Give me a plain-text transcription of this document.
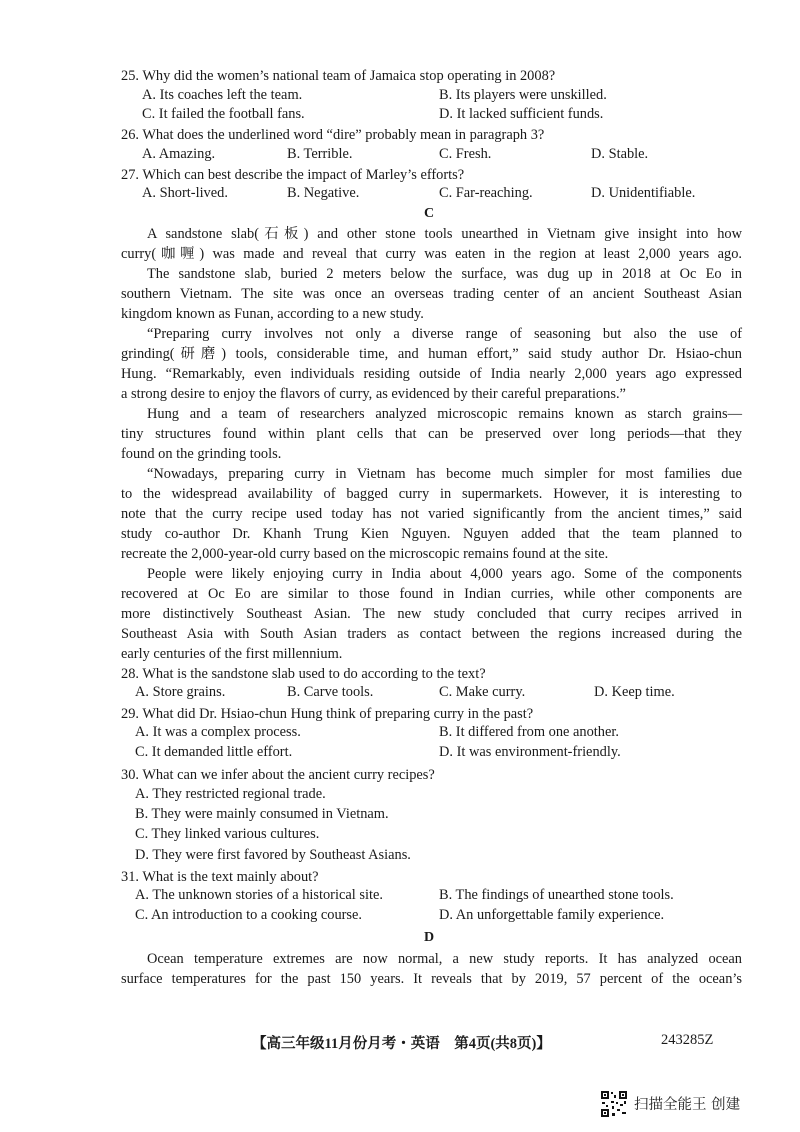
25. Why did the women’s national team of Jamaica stop operating in 2008?
A. Its coaches left the team.	B. Its players were unskilled.
C. It failed the football fans.	D. It lacked sufficient funds.
26. What does the underlined word “dire” probably mean in paragraph 3?
A. Amazing.	B. Terrible.	C. Fresh.	D. Stable.
27. Which can best describe the impact of Marley’s efforts?
A. Short-lived.	B. Negative.	C. Far-reaching.	D. Unidentifiable.
C
A sandstone slab(石板) and other stone tools unearthed in Vietnam give insight into how
curry(咖喱) was made and reveal that curry was eaten in the region at least 2,000 years ago.
The sandstone slab, buried 2 meters below the surface, was dug up in 2018 at Oc Eo in
southern Vietnam. The site was once an overseas trading center of an ancient Southeast Asian
kingdom known as Funan, according to a new study.
“Preparing curry involves not only a diverse range of seasoning but also the use of
grinding(研磨) tools, considerable time, and human effort,” said study author Dr. Hsiao-chun
Hung. “Remarkably, even individuals residing outside of India nearly 2,000 years ago expressed
a strong desire to enjoy the flavors of curry, as evidenced by their careful preparations.”
Hung and a team of researchers analyzed microscopic remains known as starch grains—
tiny structures found within plant cells that can be preserved over long periods—that they
found on the grinding tools.
“Nowadays, preparing curry in Vietnam has become much simpler for most families due
to the widespread availability of bagged curry in supermarkets. However, it is interesting to
note that the curry recipe used today has not varied significantly from the ancient times,” said
study co-author Dr. Khanh Trung Kien Nguyen. Nguyen added that the team planned to
recreate the 2,000-year-old curry based on the microscopic remains found at the site.
People were likely enjoying curry in India about 4,000 years ago. Some of the components
recovered at Oc Eo are similar to those found in Indian curries, while other components are
more distinctively Southeast Asian. The new study concluded that curry recipes arrived in
Southeast Asia with South Asian traders as contact between the regions increased during the
early centuries of the first millennium.
28. What is the sandstone slab used to do according to the text?
A. Store grains.	B. Carve tools.	C. Make curry.	D. Keep time.
29. What did Dr. Hsiao-chun Hung think of preparing curry in the past?
A. It was a complex process.	B. It differed from one another.
C. It demanded little effort.	D. It was environment-friendly.
30. What can we infer about the ancient curry recipes?
A. They restricted regional trade.
B. They were mainly consumed in Vietnam.
C. They linked various cultures.
D. They were first favored by Southeast Asians.
31. What is the text mainly about?
A. The unknown stories of a historical site.	B. The findings of unearthed stone tools.
C. An introduction to a cooking course.	D. An unforgettable family experience.
D
Ocean temperature extremes are now normal, a new study reports. It has analyzed ocean
surface temperatures for the past 150 years. It reveals that by 2019, 57 percent of the ocean’s
【高三年级11月份月考・英语　第4页(共8页)】	243285Z
扫描全能王 创建
